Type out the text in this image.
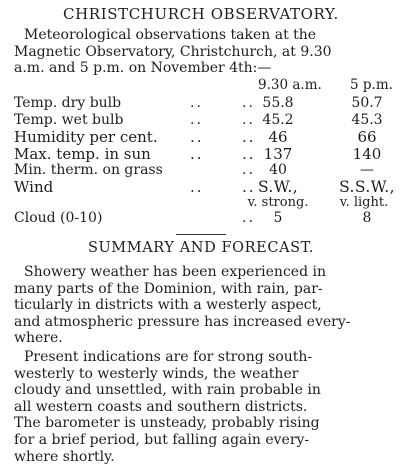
CHRISTCHURCH OBSERVATORY.
Meteorological observations taken at the
Magnetic Observatory, Christchurch, at 9.30
a.m. and 5 p.m. on November 4th:—
9.30 a.m. 5 p.m.
Temp. dry bulb	..	.. 55.8	50.7
Temp. wet bulb	..	.. 45.2	45.3
Humidity per cent. ..	.. 46	66
Max. temp. in sun	..	.. 137	140
Min. therm. on grass	..	40	—
Wind	..	.. S.W.,	S.S.W.,
v. strong.	v. light.
Cloud (0-10)	..	5	8
SUMMARY AND FORECAST.
Showery weather has been experienced in
many parts of the Dominion, with rain, par-
ticularly in districts with a westerly aspect,
and atmospheric pressure has increased every-
where.
Present indications are for strong south-
westerly to westerly winds, the weather
cloudy and unsettled, with rain probable in
all western coasts and southern districts.
The barometer is unsteady, probably rising
for a brief period, but falling again every-
where shortly.
